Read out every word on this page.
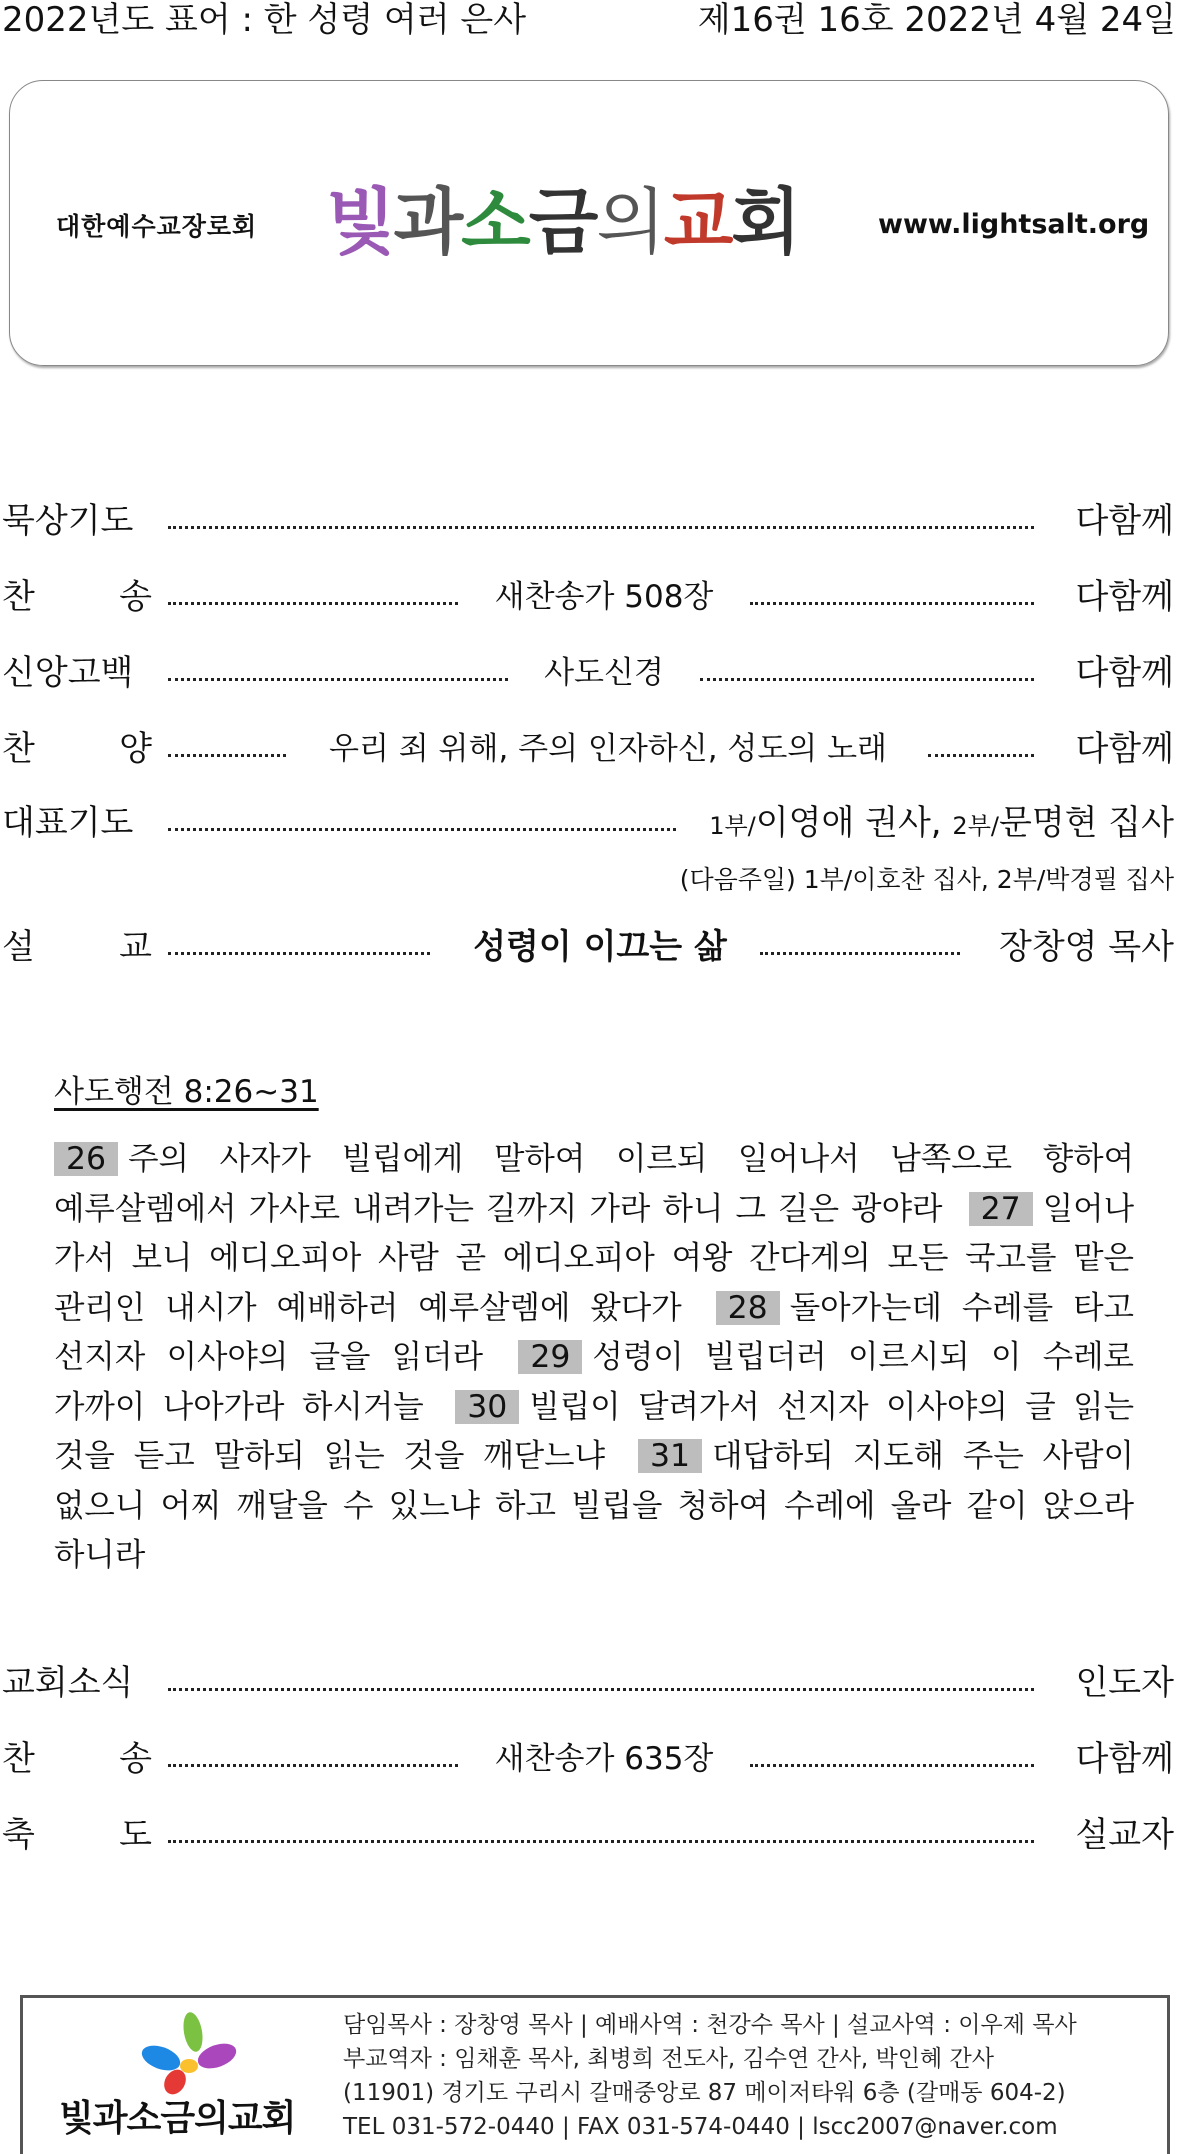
2022년도 표어 : 한 성령 여러 은사	제16권 16호 2022년 4월 24일
대한예수교장로회 빛과소금의교회	www.lightsalt.org
묵상기도	다함께
찬 송	새찬송가 508장	다함께
신앙고백	사도신경	다함께
찬 양	우리 죄 위해, 주의 인자하신, 성도의 노래	다함께
대표기도	1부/이영애 권사, 2부/문명현 집사
(다음주일) 1부/이호찬 집사, 2부/박경필 집사
설 교	성령이 이끄는 삶	장창영 목사
사도행전 8:26~31
26 주의 사자가 빌립에게 말하여 이르되 일어나서 남쪽으로 향하여 예루살렘에서 가사로 내려가는 길까지 가라 하니 그 길은 광야라 27 일어나 가서 보니 에디오피아 사람 곧 에디오피아 여왕 간다게의 모든 국고를 맡은 관리인 내시가 예배하러 예루살렘에 왔다가 28 돌아가는데 수레를 타고 선지자 이사야의 글을 읽더라 29 성령이 빌립더러 이르시되 이 수레로 가까이 나아가라 하시거늘 30 빌립이 달려가서 선지자 이사야의 글 읽는 것을 듣고 말하되 읽는 것을 깨닫느냐 31 대답하되 지도해 주는 사람이 없으니 어찌 깨달을 수 있느냐 하고 빌립을 청하여 수레에 올라 같이 앉으라 하니라
교회소식	인도자
찬 송	새찬송가 635장	다함께
축 도	설교자
빛과소금의교회
담임목사 : 장창영 목사 | 예배사역 : 천강수 목사 | 설교사역 : 이우제 목사
부교역자 : 임채훈 목사, 최병희 전도사, 김수연 간사, 박인혜 간사
(11901) 경기도 구리시 갈매중앙로 87 메이저타워 6층 (갈매동 604-2)
TEL 031-572-0440 | FAX 031-574-0440 | lscc2007@naver.com
